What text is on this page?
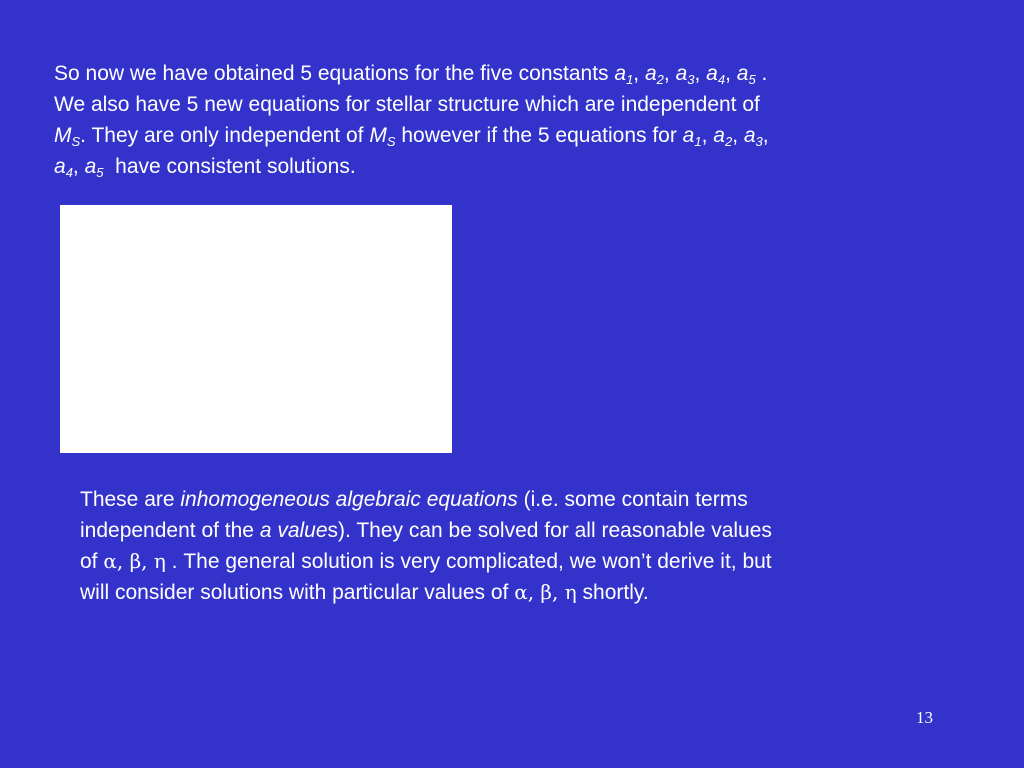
So now we have obtained 5 equations for the five constants $a_1$, $a_2$, $a_3$, $a_4$, $a_5$ .
We also have 5 new equations for stellar structure which are independent of
$M_S$. They are only independent of $M_S$ however if the 5 equations for $a_1$, $a_2$, $a_3$,
$a_4$, $a_5$  have consistent solutions.
These are inhomogeneous algebraic equations (i.e. some contain terms
independent of the a values). They can be solved for all reasonable values
of α, β, η . The general solution is very complicated, we won’t derive it, but
will consider solutions with particular values of α, β, η shortly.
13
